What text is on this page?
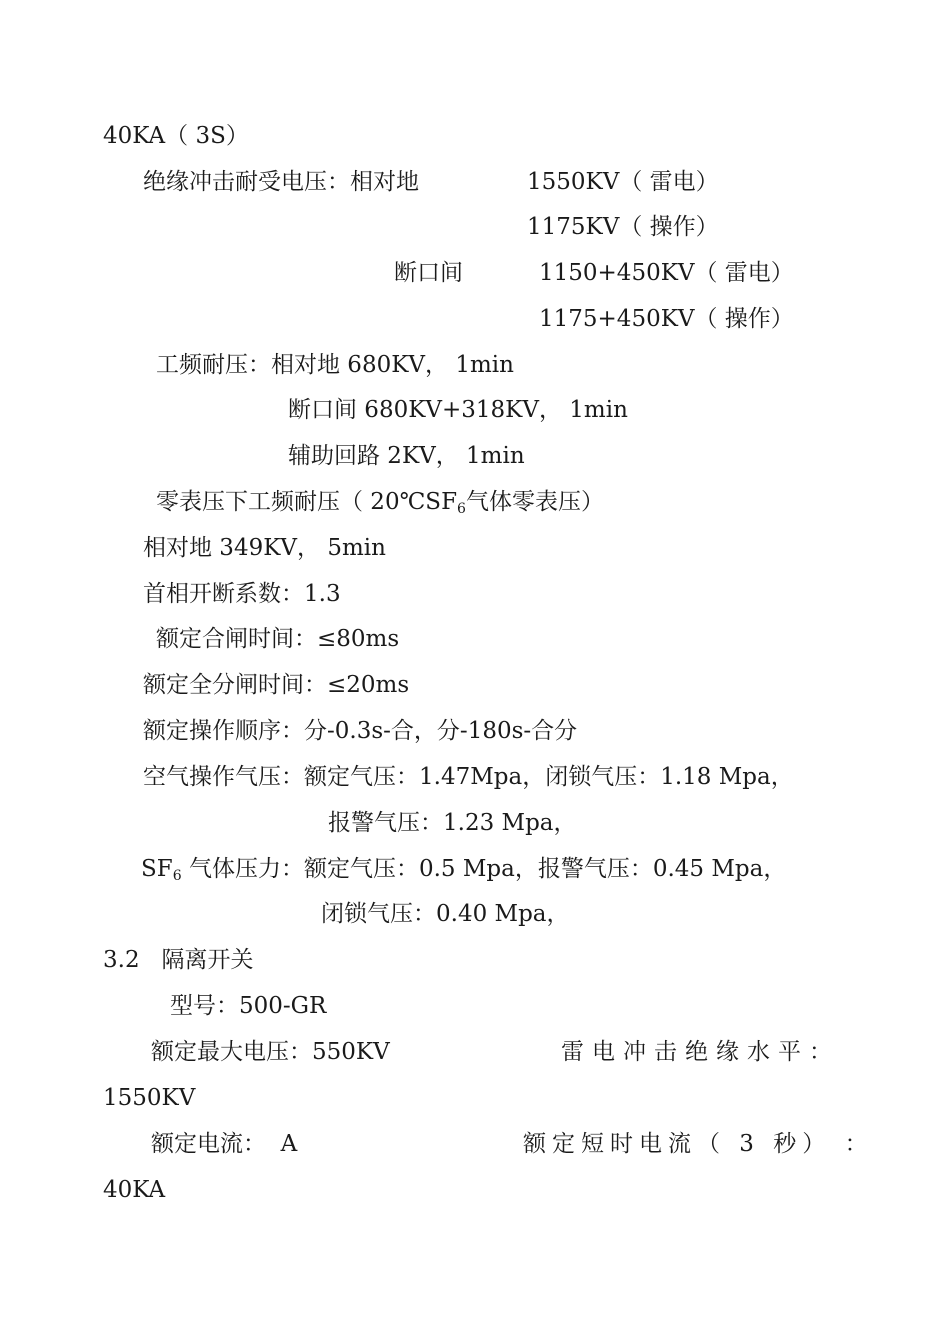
40KA（ 3S）
绝缘冲击耐受电压：相对地	1550KV（ 雷电）
1175KV（ 操作）
断口间	1150+450KV（ 雷电）
1175+450KV（ 操作）
工频耐压：相对地 680KV， 1min
断口间 680KV+318KV， 1min
辅助回路 2KV， 1min
零表压下工频耐压（ $20℃SF_6$气体零表压）
相对地 349KV， 5min
首相开断系数：1.3
额定合闸时间：≤80ms
额定全分闸时间：≤20ms
额定操作顺序：分-0.3s-合，分-180s-合分
空气操作气压：额定气压：1.47Mpa，闭锁气压：1.18 Mpa，
报警气压：1.23 Mpa，
$SF_6$ 气体压力：额定气压：0.5 Mpa，报警气压：0.45 Mpa，
闭锁气压：0.40 Mpa，
3.2   隔离开关
型号：500-GR
额定最大电压：550KV	雷电冲击绝缘水平：
1550KV
额定电流：  A	额定短时电流（ 3 秒） ：
40KA
